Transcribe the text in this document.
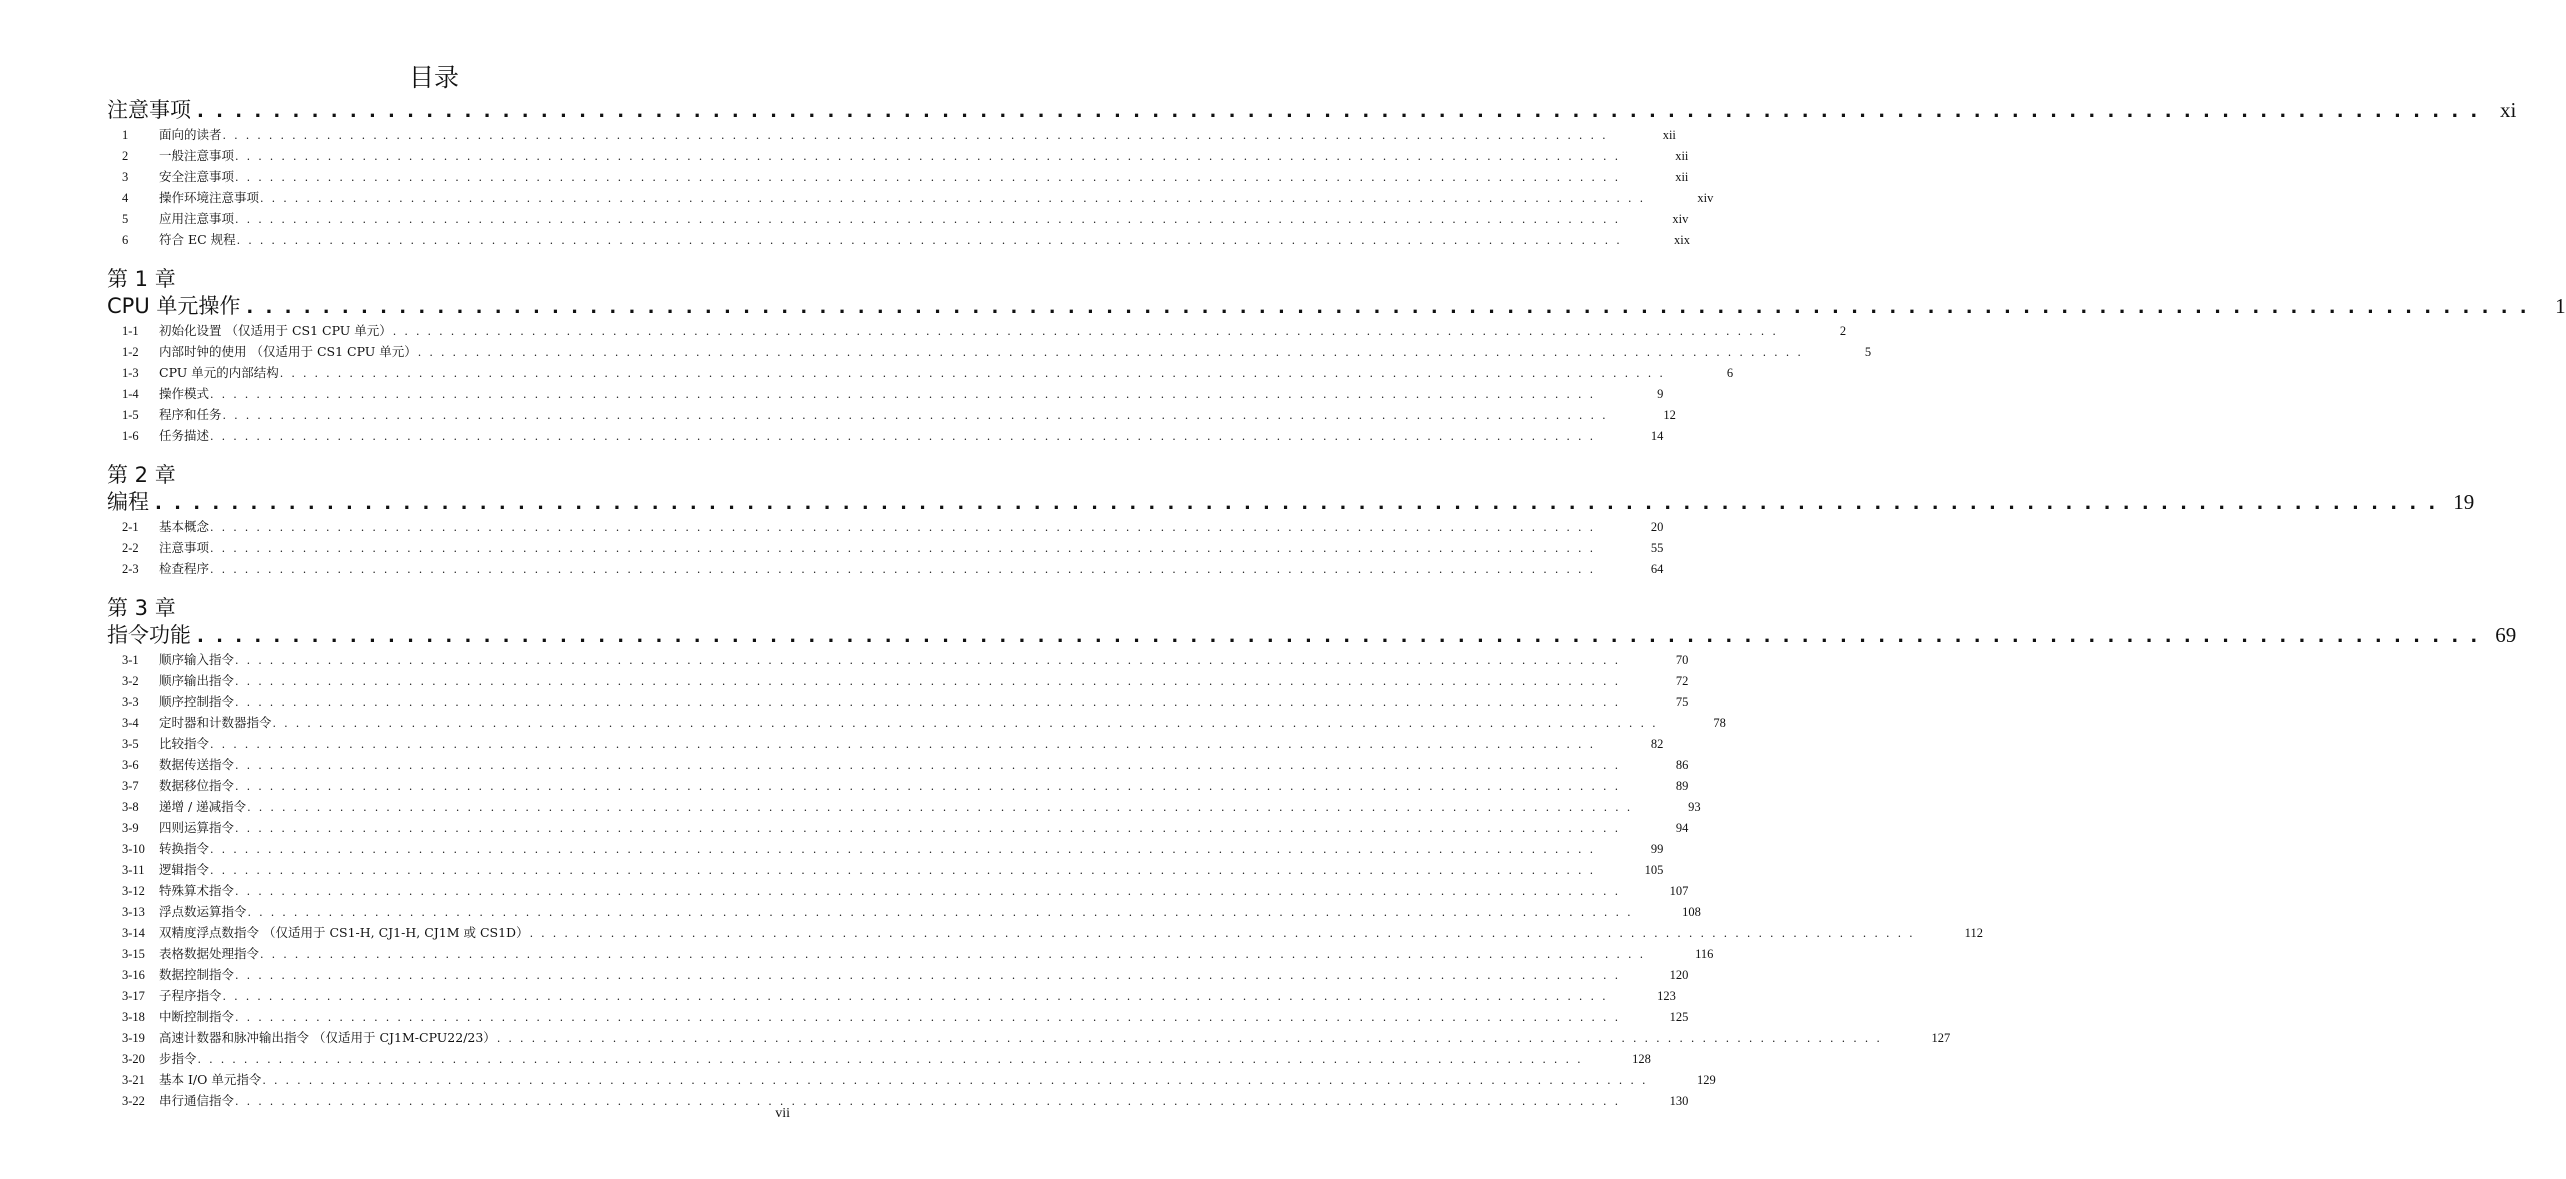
目录
注意事项 . . . . . . . . . . . . . . . . . . . . . . . . . . . . . . . . . . . . . . . . . . . . . . . . . . . . . . . . . . . . . . . . . . . . . . . . . . . . . . . . . . . . . . . . . . . . . . . . . . . . . . . . . . . . . . . . . . . . . . . . xi
1	面向的读者 . . . . . . . . . . . . . . . . . . . . . . . . . . . . . . . . . . . . . . . . . . . . . . . . . . . . . . . . . . . . . . . . . . . . . . . . . . . . . . . . . . . . . . . . . . . . . . . . . . . . . . . . . . . . . . . . . . . . . . . .	xii
2	一般注意事项 . . . . . . . . . . . . . . . . . . . . . . . . . . . . . . . . . . . . . . . . . . . . . . . . . . . . . . . . . . . . . . . . . . . . . . . . . . . . . . . . . . . . . . . . . . . . . . . . . . . . . . . . . . . . . . . . . . . . . . . .	xii
3	安全注意事项 . . . . . . . . . . . . . . . . . . . . . . . . . . . . . . . . . . . . . . . . . . . . . . . . . . . . . . . . . . . . . . . . . . . . . . . . . . . . . . . . . . . . . . . . . . . . . . . . . . . . . . . . . . . . . . . . . . . . . . . .	xii
4	操作环境注意事项 . . . . . . . . . . . . . . . . . . . . . . . . . . . . . . . . . . . . . . . . . . . . . . . . . . . . . . . . . . . . . . . . . . . . . . . . . . . . . . . . . . . . . . . . . . . . . . . . . . . . . . . . . . . . . . . . . . . . . . . .	xiv
5	应用注意事项 . . . . . . . . . . . . . . . . . . . . . . . . . . . . . . . . . . . . . . . . . . . . . . . . . . . . . . . . . . . . . . . . . . . . . . . . . . . . . . . . . . . . . . . . . . . . . . . . . . . . . . . . . . . . . . . . . . . . . . . .	xiv
6	符合 EC 规程 . . . . . . . . . . . . . . . . . . . . . . . . . . . . . . . . . . . . . . . . . . . . . . . . . . . . . . . . . . . . . . . . . . . . . . . . . . . . . . . . . . . . . . . . . . . . . . . . . . . . . . . . . . . . . . . . . . . . . . . .	xix
第 1 章
CPU 单元操作 . . . . . . . . . . . . . . . . . . . . . . . . . . . . . . . . . . . . . . . . . . . . . . . . . . . . . . . . . . . . . . . . . . . . . . . . . . . . . . . . . . . . . . . . . . . . . . . . . . . . . . . . . . . . . . . . . . . . . . . .	1
1-1	初始化设置 （仅适用于 CS1 CPU 单元） . . . . . . . . . . . . . . . . . . . . . . . . . . . . . . . . . . . . . . . . . . . . . . . . . . . . . . . . . . . . . . . . . . . . . . . . . . . . . . . . . . . . . . . . . . . . . . . . . . . . . . . . . . . . . . . . . . . . . . . .	2
1-2	内部时钟的使用 （仅适用于 CS1 CPU 单元） . . . . . . . . . . . . . . . . . . . . . . . . . . . . . . . . . . . . . . . . . . . . . . . . . . . . . . . . . . . . . . . . . . . . . . . . . . . . . . . . . . . . . . . . . . . . . . . . . . . . . . . . . . . . . . . . . . . . . . . .	5
1-3	CPU 单元的内部结构 . . . . . . . . . . . . . . . . . . . . . . . . . . . . . . . . . . . . . . . . . . . . . . . . . . . . . . . . . . . . . . . . . . . . . . . . . . . . . . . . . . . . . . . . . . . . . . . . . . . . . . . . . . . . . . . . . . . . . . . .	6
1-4	操作模式 . . . . . . . . . . . . . . . . . . . . . . . . . . . . . . . . . . . . . . . . . . . . . . . . . . . . . . . . . . . . . . . . . . . . . . . . . . . . . . . . . . . . . . . . . . . . . . . . . . . . . . . . . . . . . . . . . . . . . . . .	9
1-5	程序和任务 . . . . . . . . . . . . . . . . . . . . . . . . . . . . . . . . . . . . . . . . . . . . . . . . . . . . . . . . . . . . . . . . . . . . . . . . . . . . . . . . . . . . . . . . . . . . . . . . . . . . . . . . . . . . . . . . . . . . . . . .	12
1-6	任务描述 . . . . . . . . . . . . . . . . . . . . . . . . . . . . . . . . . . . . . . . . . . . . . . . . . . . . . . . . . . . . . . . . . . . . . . . . . . . . . . . . . . . . . . . . . . . . . . . . . . . . . . . . . . . . . . . . . . . . . . . .	14
第 2 章
编程 . . . . . . . . . . . . . . . . . . . . . . . . . . . . . . . . . . . . . . . . . . . . . . . . . . . . . . . . . . . . . . . . . . . . . . . . . . . . . . . . . . . . . . . . . . . . . . . . . . . . . . . . . . . . . . . . . . . . . . . . 19
2-1	基本概念 . . . . . . . . . . . . . . . . . . . . . . . . . . . . . . . . . . . . . . . . . . . . . . . . . . . . . . . . . . . . . . . . . . . . . . . . . . . . . . . . . . . . . . . . . . . . . . . . . . . . . . . . . . . . . . . . . . . . . . . .	20
2-2	注意事项 . . . . . . . . . . . . . . . . . . . . . . . . . . . . . . . . . . . . . . . . . . . . . . . . . . . . . . . . . . . . . . . . . . . . . . . . . . . . . . . . . . . . . . . . . . . . . . . . . . . . . . . . . . . . . . . . . . . . . . . .	55
2-3	检查程序 . . . . . . . . . . . . . . . . . . . . . . . . . . . . . . . . . . . . . . . . . . . . . . . . . . . . . . . . . . . . . . . . . . . . . . . . . . . . . . . . . . . . . . . . . . . . . . . . . . . . . . . . . . . . . . . . . . . . . . . .	64
第 3 章
指令功能 . . . . . . . . . . . . . . . . . . . . . . . . . . . . . . . . . . . . . . . . . . . . . . . . . . . . . . . . . . . . . . . . . . . . . . . . . . . . . . . . . . . . . . . . . . . . . . . . . . . . . . . . . . . . . . . . . . . . . . . . 69
3-1	顺序输入指令 . . . . . . . . . . . . . . . . . . . . . . . . . . . . . . . . . . . . . . . . . . . . . . . . . . . . . . . . . . . . . . . . . . . . . . . . . . . . . . . . . . . . . . . . . . . . . . . . . . . . . . . . . . . . . . . . . . . . . . . .	70
3-2	顺序输出指令 . . . . . . . . . . . . . . . . . . . . . . . . . . . . . . . . . . . . . . . . . . . . . . . . . . . . . . . . . . . . . . . . . . . . . . . . . . . . . . . . . . . . . . . . . . . . . . . . . . . . . . . . . . . . . . . . . . . . . . . .	72
3-3	顺序控制指令 . . . . . . . . . . . . . . . . . . . . . . . . . . . . . . . . . . . . . . . . . . . . . . . . . . . . . . . . . . . . . . . . . . . . . . . . . . . . . . . . . . . . . . . . . . . . . . . . . . . . . . . . . . . . . . . . . . . . . . . .	75
3-4	定时器和计数器指令 . . . . . . . . . . . . . . . . . . . . . . . . . . . . . . . . . . . . . . . . . . . . . . . . . . . . . . . . . . . . . . . . . . . . . . . . . . . . . . . . . . . . . . . . . . . . . . . . . . . . . . . . . . . . . . . . . . . . . . . .	78
3-5	比较指令 . . . . . . . . . . . . . . . . . . . . . . . . . . . . . . . . . . . . . . . . . . . . . . . . . . . . . . . . . . . . . . . . . . . . . . . . . . . . . . . . . . . . . . . . . . . . . . . . . . . . . . . . . . . . . . . . . . . . . . . .	82
3-6	数据传送指令 . . . . . . . . . . . . . . . . . . . . . . . . . . . . . . . . . . . . . . . . . . . . . . . . . . . . . . . . . . . . . . . . . . . . . . . . . . . . . . . . . . . . . . . . . . . . . . . . . . . . . . . . . . . . . . . . . . . . . . . .	86
3-7	数据移位指令 . . . . . . . . . . . . . . . . . . . . . . . . . . . . . . . . . . . . . . . . . . . . . . . . . . . . . . . . . . . . . . . . . . . . . . . . . . . . . . . . . . . . . . . . . . . . . . . . . . . . . . . . . . . . . . . . . . . . . . . .	89
3-8	递增 / 递减指令 . . . . . . . . . . . . . . . . . . . . . . . . . . . . . . . . . . . . . . . . . . . . . . . . . . . . . . . . . . . . . . . . . . . . . . . . . . . . . . . . . . . . . . . . . . . . . . . . . . . . . . . . . . . . . . . . . . . . . . . .	93
3-9	四则运算指令 . . . . . . . . . . . . . . . . . . . . . . . . . . . . . . . . . . . . . . . . . . . . . . . . . . . . . . . . . . . . . . . . . . . . . . . . . . . . . . . . . . . . . . . . . . . . . . . . . . . . . . . . . . . . . . . . . . . . . . . .	94
3-10	转换指令 . . . . . . . . . . . . . . . . . . . . . . . . . . . . . . . . . . . . . . . . . . . . . . . . . . . . . . . . . . . . . . . . . . . . . . . . . . . . . . . . . . . . . . . . . . . . . . . . . . . . . . . . . . . . . . . . . . . . . . . .	99
3-11	逻辑指令 . . . . . . . . . . . . . . . . . . . . . . . . . . . . . . . . . . . . . . . . . . . . . . . . . . . . . . . . . . . . . . . . . . . . . . . . . . . . . . . . . . . . . . . . . . . . . . . . . . . . . . . . . . . . . . . . . . . . . . . .	105
3-12	特殊算术指令 . . . . . . . . . . . . . . . . . . . . . . . . . . . . . . . . . . . . . . . . . . . . . . . . . . . . . . . . . . . . . . . . . . . . . . . . . . . . . . . . . . . . . . . . . . . . . . . . . . . . . . . . . . . . . . . . . . . . . . . .	107
3-13	浮点数运算指令 . . . . . . . . . . . . . . . . . . . . . . . . . . . . . . . . . . . . . . . . . . . . . . . . . . . . . . . . . . . . . . . . . . . . . . . . . . . . . . . . . . . . . . . . . . . . . . . . . . . . . . . . . . . . . . . . . . . . . . . .	108
3-14	双精度浮点数指令 （仅适用于 CS1-H, CJ1-H, CJ1M 或 CS1D） . . . . . . . . . . . . . . . . . . . . . . . . . . . . . . . . . . . . . . . . . . . . . . . . . . . . . . . . . . . . . . . . . . . . . . . . . . . . . . . . . . . . . . . . . . . . . . . . . . . . . . . . . . . . . . . . . . . . . . . .	112
3-15	表格数据处理指令 . . . . . . . . . . . . . . . . . . . . . . . . . . . . . . . . . . . . . . . . . . . . . . . . . . . . . . . . . . . . . . . . . . . . . . . . . . . . . . . . . . . . . . . . . . . . . . . . . . . . . . . . . . . . . . . . . . . . . . . .	116
3-16	数据控制指令 . . . . . . . . . . . . . . . . . . . . . . . . . . . . . . . . . . . . . . . . . . . . . . . . . . . . . . . . . . . . . . . . . . . . . . . . . . . . . . . . . . . . . . . . . . . . . . . . . . . . . . . . . . . . . . . . . . . . . . . .	120
3-17	子程序指令 . . . . . . . . . . . . . . . . . . . . . . . . . . . . . . . . . . . . . . . . . . . . . . . . . . . . . . . . . . . . . . . . . . . . . . . . . . . . . . . . . . . . . . . . . . . . . . . . . . . . . . . . . . . . . . . . . . . . . . . .	123
3-18	中断控制指令 . . . . . . . . . . . . . . . . . . . . . . . . . . . . . . . . . . . . . . . . . . . . . . . . . . . . . . . . . . . . . . . . . . . . . . . . . . . . . . . . . . . . . . . . . . . . . . . . . . . . . . . . . . . . . . . . . . . . . . . .	125
3-19	高速计数器和脉冲输出指令 （仅适用于 CJ1M-CPU22/23） . . . . . . . . . . . . . . . . . . . . . . . . . . . . . . . . . . . . . . . . . . . . . . . . . . . . . . . . . . . . . . . . . . . . . . . . . . . . . . . . . . . . . . . . . . . . . . . . . . . . . . . . . . . . . . . . . . . . . . . .	127
3-20	步指令 . . . . . . . . . . . . . . . . . . . . . . . . . . . . . . . . . . . . . . . . . . . . . . . . . . . . . . . . . . . . . . . . . . . . . . . . . . . . . . . . . . . . . . . . . . . . . . . . . . . . . . . . . . . . . . . . . . . . . . . .	128
3-21	基本 I/O 单元指令 . . . . . . . . . . . . . . . . . . . . . . . . . . . . . . . . . . . . . . . . . . . . . . . . . . . . . . . . . . . . . . . . . . . . . . . . . . . . . . . . . . . . . . . . . . . . . . . . . . . . . . . . . . . . . . . . . . . . . . . .	129
3-22	串行通信指令 . . . . . . . . . . . . . . . . . . . . . . . . . . . . . . . . . . . . . . . . . . . . . . . . . . . . . . . . . . . . . . . . . . . . . . . . . . . . . . . . . . . . . . . . . . . . . . . . . . . . . . . . . . . . . . . . . . . . . . . .	130
vii
